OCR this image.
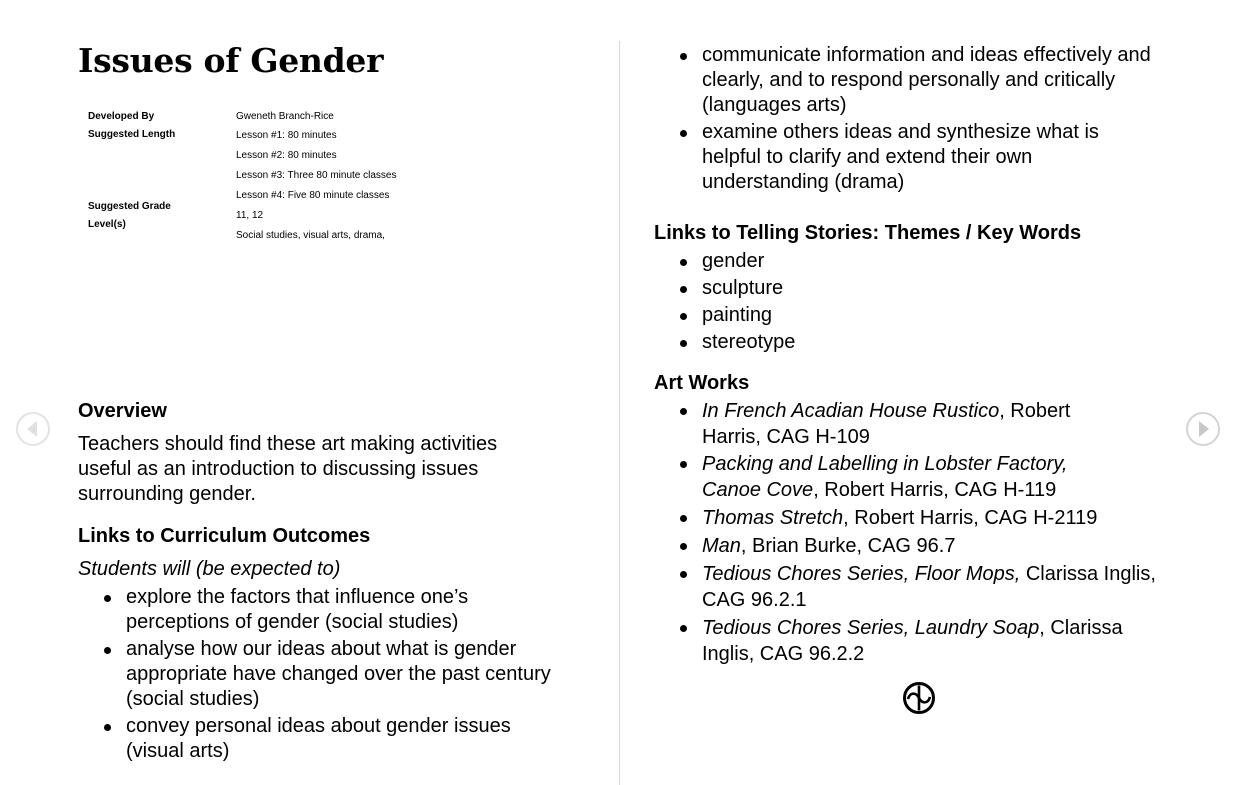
Issues of Gender
Developed By	Gweneth Branch-Rice
Suggested Length	Lesson #1: 80 minutes
Lesson #2: 80 minutes
Lesson #3: Three 80 minute classes
Lesson #4: Five 80 minute classes
Suggested Grade
11, 12
Level(s)
Social studies, visual arts, drama,
Overview

Teachers should find these art making activities useful as an introduction to discussing issues surrounding gender.

Links to Curriculum Outcomes

Students will (be expected to)

explore the factors that influence one’s perceptions of gender (social studies)
analyse how our ideas about what is gender appropriate have changed over the past century (social studies)
convey personal ideas about gender issues (visual arts)
communicate information and ideas effectively and clearly, and to respond personally and critically (languages arts)
examine others ideas and synthesize what is helpful to clarify and extend their own understanding (drama)
Links to Telling Stories: Themes / Key Words
gender
sculpture
painting
stereotype
Art Works
In French Acadian House Rustico, Robert Harris, CAG H-109
Packing and Labelling in Lobster Factory, Canoe Cove, Robert Harris, CAG H-119
Thomas Stretch, Robert Harris, CAG H-2119
Man, Brian Burke, CAG 96.7
Tedious Chores Series, Floor Mops, Clarissa Inglis, CAG 96.2.1
Tedious Chores Series, Laundry Soap, Clarissa Inglis, CAG 96.2.2
